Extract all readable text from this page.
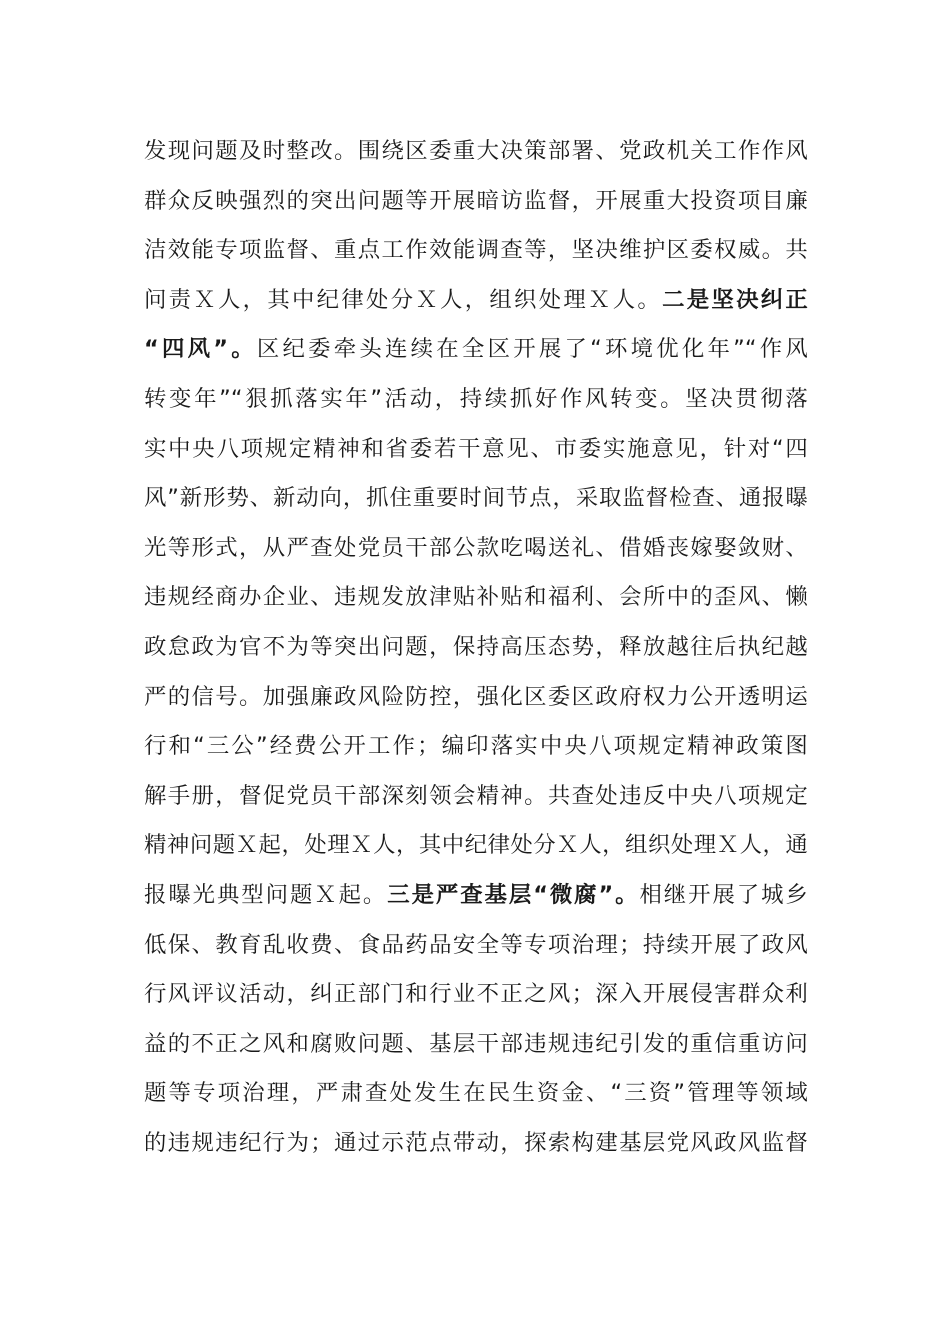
发现问题及时整改。围绕区委重大决策部署、党政机关工作作风
群众反映强烈的突出问题等开展暗访监督，开展重大投资项目廉
洁效能专项监督、重点工作效能调查等，坚决维护区委权威。共
问责Ｘ人，其中纪律处分Ｘ人，组织处理Ｘ人。二是坚决纠正
“四风”。区纪委牵头连续在全区开展了“环境优化年”“作风
转变年”“狠抓落实年”活动，持续抓好作风转变。坚决贯彻落
实中央八项规定精神和省委若干意见、市委实施意见，针对“四
风”新形势、新动向，抓住重要时间节点，采取监督检查、通报曝
光等形式，从严查处党员干部公款吃喝送礼、借婚丧嫁娶敛财、
违规经商办企业、违规发放津贴补贴和福利、会所中的歪风、懒
政怠政为官不为等突出问题，保持高压态势，释放越往后执纪越
严的信号。加强廉政风险防控，强化区委区政府权力公开透明运
行和“三公”经费公开工作；编印落实中央八项规定精神政策图
解手册，督促党员干部深刻领会精神。共查处违反中央八项规定
精神问题Ｘ起，处理Ｘ人，其中纪律处分Ｘ人，组织处理Ｘ人，通
报曝光典型问题Ｘ起。三是严查基层“微腐”。相继开展了城乡
低保、教育乱收费、食品药品安全等专项治理；持续开展了政风
行风评议活动，纠正部门和行业不正之风；深入开展侵害群众利
益的不正之风和腐败问题、基层干部违规违纪引发的重信重访问
题等专项治理，严肃查处发生在民生资金、“三资”管理等领域
的违规违纪行为；通过示范点带动，探索构建基层党风政风监督
